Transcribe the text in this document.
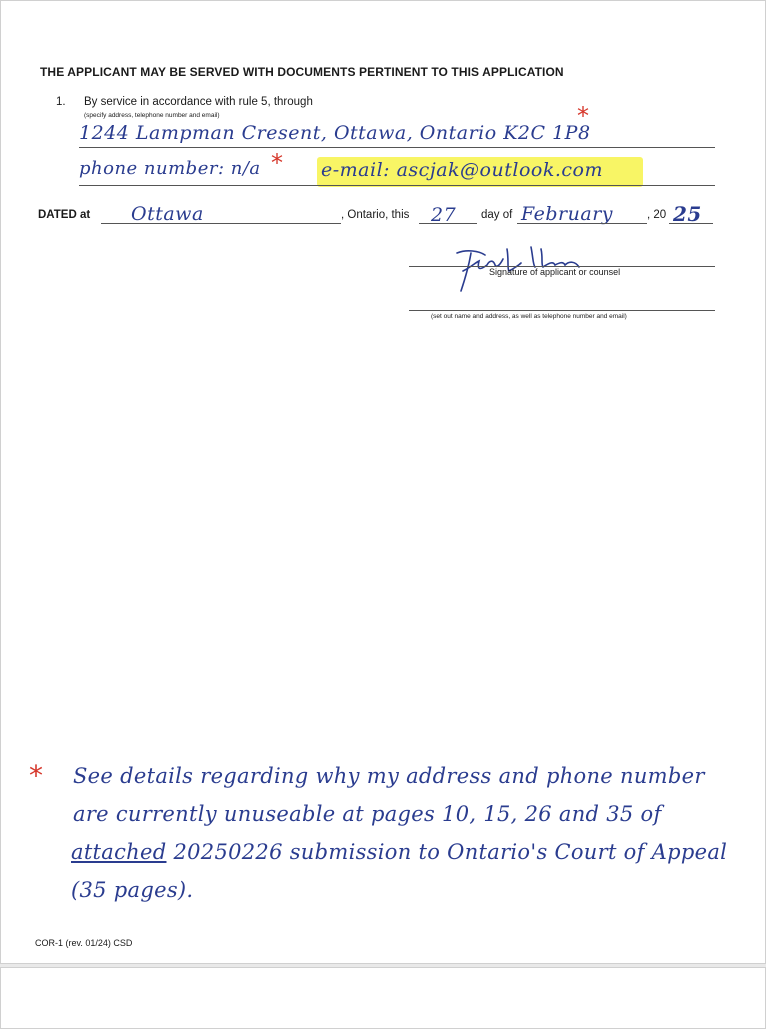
THE APPLICANT MAY BE SERVED WITH DOCUMENTS PERTINENT TO THIS APPLICATION
1. By service in accordance with rule 5, through
(specify address, telephone number and email)
1244 Lampman Cresent, Ottawa, Ontario K2C 1P8
*
phone number: n/a * e-mail: ascjak@outlook.com
DATED at Ottawa	, Ontario, this 27 day of February	, 20 25
Signature of applicant or counsel
(set out name and address, as well as telephone number and email)
* See details regarding why my address and phone number
are currently unuseable at pages 10, 15, 26 and 35 of
attached 20250226 submission to Ontario's Court of Appeal
(35 pages).
COR-1 (rev. 01/24) CSD
